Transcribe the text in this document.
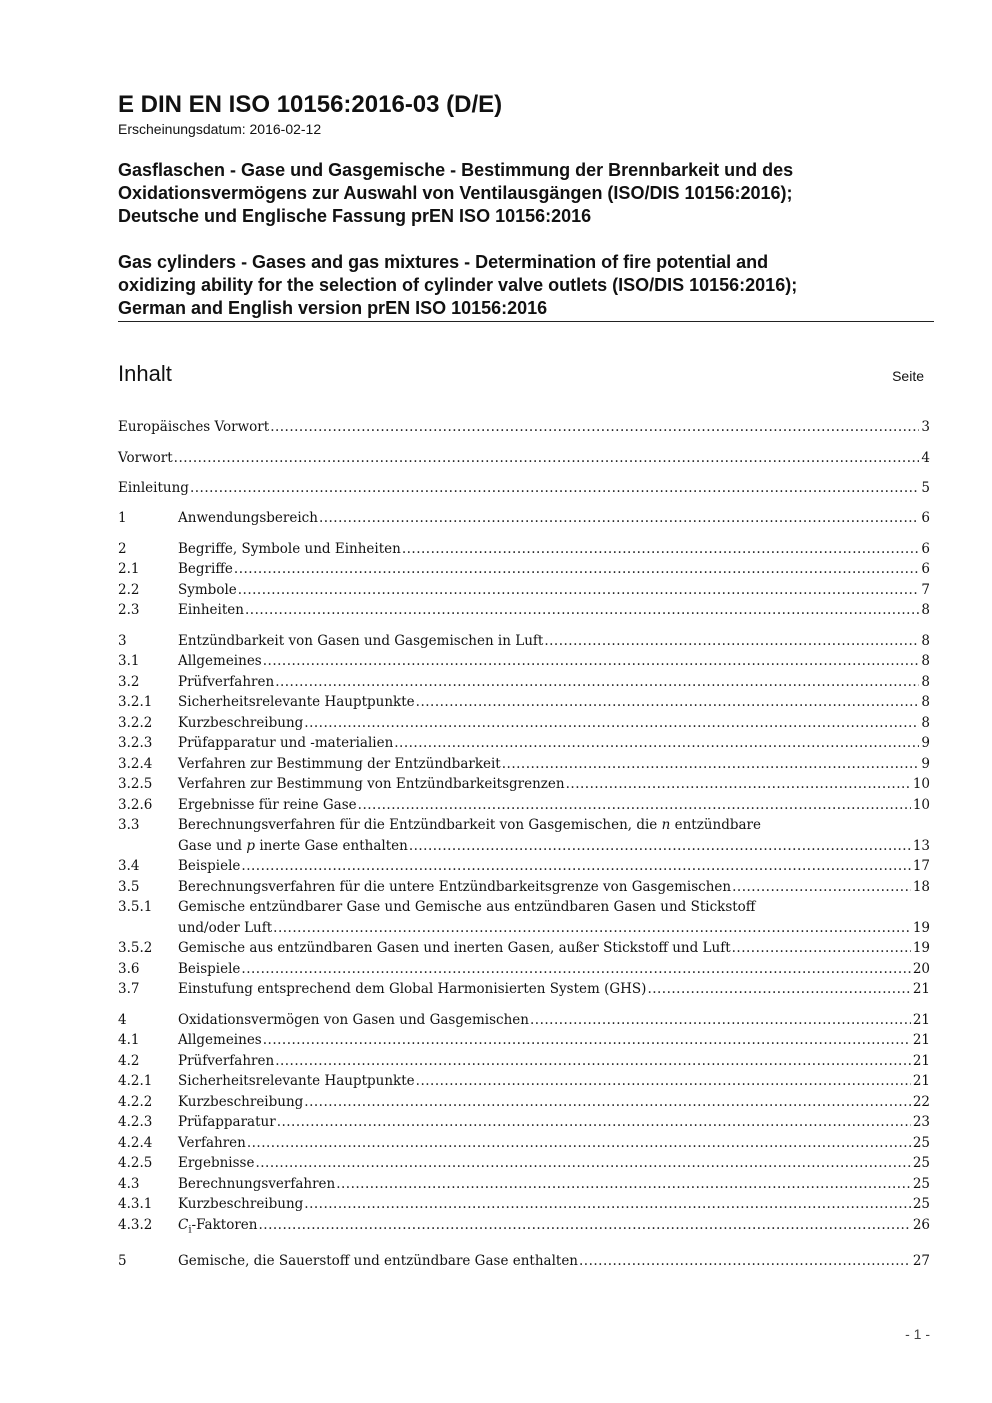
E DIN EN ISO 10156:2016-03 (D/E)
Erscheinungsdatum: 2016-02-12
Gasflaschen - Gase und Gasgemische - Bestimmung der Brennbarkeit und des
Oxidationsvermögens zur Auswahl von Ventilausgängen (ISO/DIS 10156:2016);
Deutsche und Englische Fassung prEN ISO 10156:2016
Gas cylinders - Gases and gas mixtures - Determination of fire potential and
oxidizing ability for the selection of cylinder valve outlets (ISO/DIS 10156:2016);
German and English version prEN ISO 10156:2016
Inhalt	Seite
Europäisches Vorwort .....	3
Vorwort .....	4
Einleitung .....	5
1	Anwendungsbereich .....	6
2	Begriffe, Symbole und Einheiten .....	6
2.1	Begriffe .....	6
2.2	Symbole .....	7
2.3	Einheiten .....	8
3	Entzündbarkeit von Gasen und Gasgemischen in Luft .....	8
3.1	Allgemeines .....	8
3.2	Prüfverfahren .....	8
3.2.1 Sicherheitsrelevante Hauptpunkte .....	8
3.2.2 Kurzbeschreibung .....	8
3.2.3 Prüfapparatur und -materialien .....	9
3.2.4 Verfahren zur Bestimmung der Entzündbarkeit .....	9
3.2.5 Verfahren zur Bestimmung von Entzündbarkeitsgrenzen .....	10
3.2.6 Ergebnisse für reine Gase .....	10
3.3	Berechnungsverfahren für die Entzündbarkeit von Gasgemischen, die n entzündbare
Gase und p inerte Gase enthalten .....	13
3.4	Beispiele .....	17
3.5	Berechnungsverfahren für die untere Entzündbarkeitsgrenze von Gasgemischen .....	18
3.5.1 Gemische entzündbarer Gase und Gemische aus entzündbaren Gasen und Stickstoff
und/oder Luft .....	19
3.5.2 Gemische aus entzündbaren Gasen und inerten Gasen, außer Stickstoff und Luft .....	19
3.6	Beispiele .....	20
3.7	Einstufung entsprechend dem Global Harmonisierten System (GHS) .....	21
4	Oxidationsvermögen von Gasen und Gasgemischen .....	21
4.1	Allgemeines .....	21
4.2	Prüfverfahren .....	21
4.2.1 Sicherheitsrelevante Hauptpunkte .....	21
4.2.2 Kurzbeschreibung .....	22
4.2.3 Prüfapparatur .....	23
4.2.4 Verfahren .....	25
4.2.5 Ergebnisse .....	25
4.3	Berechnungsverfahren .....	25
4.3.1 Kurzbeschreibung .....	25
4.3.2 $C_i$-Faktoren .....	26
5	Gemische, die Sauerstoff und entzündbare Gase enthalten .....	27
- 1 -
